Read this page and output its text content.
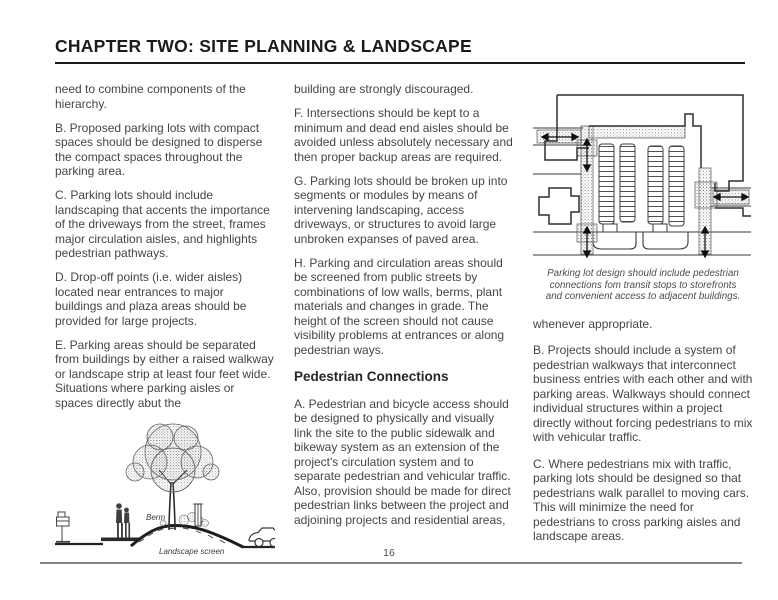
CHAPTER TWO: SITE PLANNING & LANDSCAPE

need to combine components of the hierarchy.

B. Proposed parking lots with compact spaces should be designed to disperse the compact spaces throughout the parking area.

C. Parking lots should include landscaping that accents the importance of the driveways from the street, frames major circulation aisles, and highlights pedestrian pathways.

D. Drop-off points (i.e. wider aisles) located near entrances to major buildings and plaza areas should be provided for large projects.

E. Parking areas should be separated from buildings by either a raised walkway or landscape strip at least four feet wide. Situations where parking aisles or spaces directly abut the

Berm
Landscape screen

building are strongly discouraged.

F. Intersections should be kept to a minimum and dead end aisles should be avoided unless absolutely necessary and then proper backup areas are required.

G. Parking lots should be broken up into segments or modules by means of intervening landscaping, access driveways, or structures to avoid large unbroken expanses of paved area.

H. Parking and circulation areas should be screened from public streets by combinations of low walls, berms, plant materials and changes in grade. The height of the screen should not cause visibility problems at entrances or along pedestrian ways.

Pedestrian Connections

A. Pedestrian and bicycle access should be designed to physically and visually link the site to the public sidewalk and bikeway system as an extension of the project's circulation system and to separate pedestrian and vehicular traffic. Also, provision should be made for direct pedestrian links between the project and adjoining projects and residential areas,

Parking lot design should include pedestrian connections fom transit stops to storefronts and convenient access to adjacent buildings.

whenever appropriate.

B. Projects should include a system of pedestrian walkways that interconnect business entries with each other and with parking areas. Walkways should connect individual structures within a project directly without forcing pedestrians to mix with vehicular traffic.

C. Where pedestrians mix with traffic, parking lots should be designed so that pedestrians walk parallel to moving cars. This will minimize the need for pedestrians to cross parking aisles and landscape areas.

16
